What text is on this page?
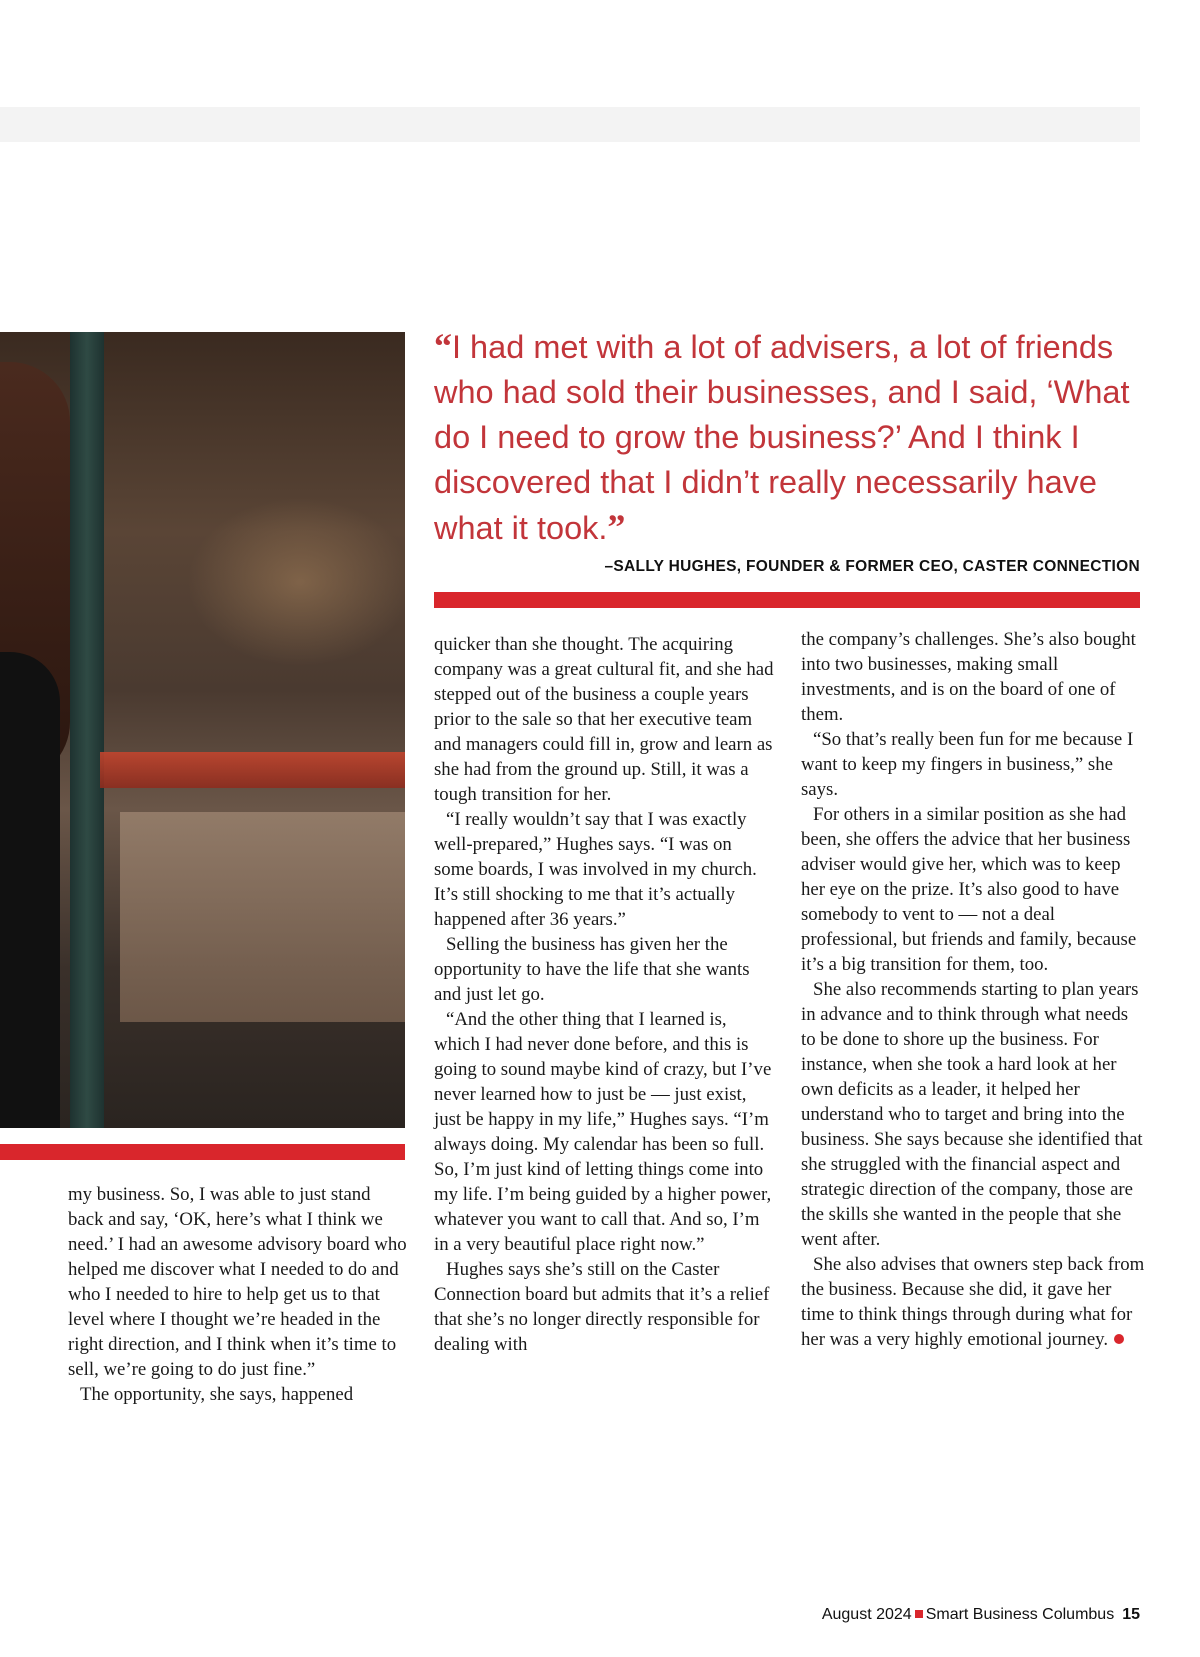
“I had met with a lot of advisers, a lot of friends who had sold their businesses, and I said, ‘What do I need to grow the business?’ And I think I discovered that I didn’t really necessarily have what it took.”

–SALLY HUGHES, FOUNDER & FORMER CEO, CASTER CONNECTION

my business. So, I was able to just stand back and say, ‘OK, here’s what I think we need.’ I had an awesome advisory board who helped me discover what I needed to do and who I needed to hire to help get us to that level where I thought we’re headed in the right direction, and I think when it’s time to sell, we’re going to do just fine.”

The opportunity, she says, happened

quicker than she thought. The acquiring company was a great cultural fit, and she had stepped out of the business a couple years prior to the sale so that her executive team and managers could fill in, grow and learn as she had from the ground up. Still, it was a tough transition for her.

“I really wouldn’t say that I was exactly well-prepared,” Hughes says. “I was on some boards, I was involved in my church. It’s still shocking to me that it’s actually happened after 36 years.”

Selling the business has given her the opportunity to have the life that she wants and just let go.

“And the other thing that I learned is, which I had never done before, and this is going to sound maybe kind of crazy, but I’ve never learned how to just be — just exist, just be happy in my life,” Hughes says. “I’m always doing. My calendar has been so full. So, I’m just kind of letting things come into my life. I’m being guided by a higher power, whatever you want to call that. And so, I’m in a very beautiful place right now.”

Hughes says she’s still on the Caster Connection board but admits that it’s a relief that she’s no longer directly responsible for dealing with

the company’s challenges. She’s also bought into two businesses, making small investments, and is on the board of one of them.

“So that’s really been fun for me because I want to keep my fingers in business,” she says.

For others in a similar position as she had been, she offers the advice that her business adviser would give her, which was to keep her eye on the prize. It’s also good to have somebody to vent to — not a deal professional, but friends and family, because it’s a big transition for them, too.

She also recommends starting to plan years in advance and to think through what needs to be done to shore up the business. For instance, when she took a hard look at her own deficits as a leader, it helped her understand who to target and bring into the business. She says because she identified that she struggled with the financial aspect and strategic direction of the company, those are the skills she wanted in the people that she went after.

She also advises that owners step back from the business. Because she did, it gave her time to think things through during what for her was a very highly emotional journey.

August 2024 Smart Business Columbus 15
